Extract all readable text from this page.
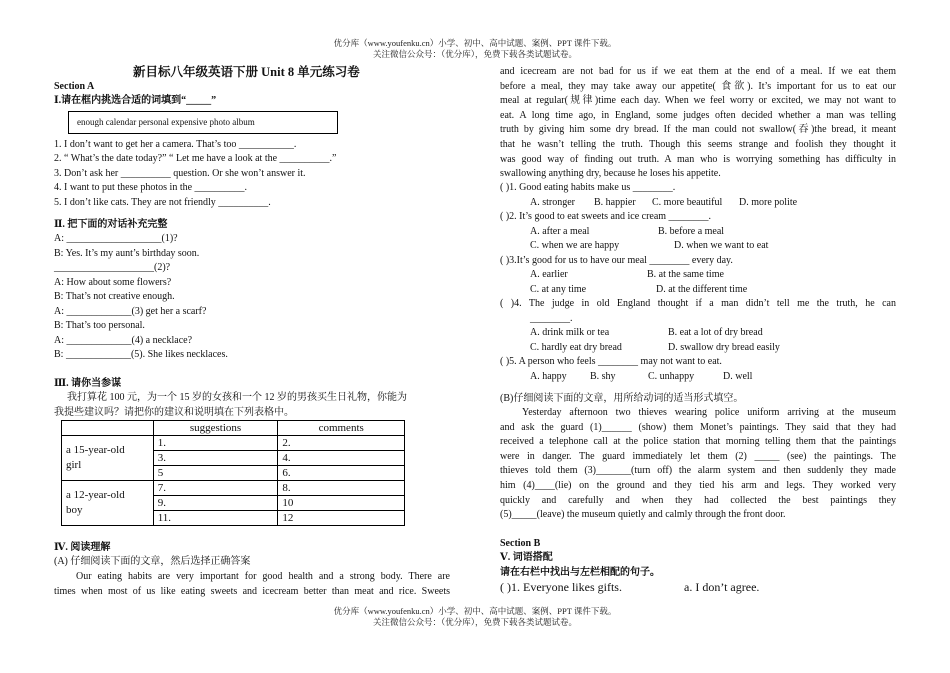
优分库（www.youfenku.cn）小学、初中、高中试题、案例、PPT 课件下载。
关注微信公众号：（优分库），免费下载各类试题试卷。
优分库（www.youfenku.cn）小学、初中、高中试题、案例、PPT 课件下载。
关注微信公众号：（优分库），免费下载各类试题试卷。
新目标八年级英语下册 Unit 8 单元练习卷
Section A
Ⅰ.请在框内挑选合适的词填到“_____”
enough calendar personal expensive photo album
1. I don’t want to get her a camera. That’s too ___________.
2. “ What’s the date today?” “ Let me have a look at the __________.”
3. Don’t ask her __________ question. Or she won’t answer it.
4. I want to put these photos in the __________.
5. I don’t like cats. They are not friendly __________.
Ⅱ. 把下面的对话补充完整
A: ___________________(1)?
B: Yes. It’s my aunt’s birthday soon.
____________________(2)?
A: How about some flowers?
B: That’s not creative enough.
A: _____________(3) get her a scarf?
B: That’s too personal.
A: _____________(4) a necklace?
B: _____________(5). She likes necklaces.
Ⅲ. 请你当参谋
我打算花 100 元，为一个 15 岁的女孩和一个 12 岁的男孩买生日礼物，你能为
我提些建议吗？请把你的建议和说明填在下列表格中。
	suggestions	comments
a 15-year-old
girl	1.	2.
	3.	4.
	5	6.
a 12-year-old
boy	7.	8.
	9.	10
	11.	12
Ⅳ. 阅读理解
(A) 仔细阅读下面的文章，然后选择正确答案
Our eating habits are very important for good health and a strong body. There are
times when most of us like eating sweets and icecream better than meat and rice. Sweets
and icecream are not bad for us if we eat them at the end of a meal. If we eat them
before a meal, they may take away our appetite( 食欲). It’s important for us to eat our
meal at regular(规律)time each day. When we feel worry or excited, we may not want to
eat. A long time ago, in England, some judges often decided whether a man was telling
truth by giving him some dry bread. If the man could not swallow(吞)the bread, it meant
that he wasn’t telling the truth. Though this seems strange and foolish they thought it
was good way of finding out truth. A man who is worrying something has difficulty in
swallowing anything dry, because he loses his appetite.
( )1. Good eating habits make us ________.
A. stronger B. happier C. more beautiful D. more polite
( )2. It’s good to eat sweets and ice cream ________.
A. after a meal	B. before a meal
C. when we are happy	D. when we want to eat
( )3.It’s good for us to have our meal ________ every day.
A. earlier	B. at the same time
C. at any time	D. at the different time
( )4. The judge in old England thought if a man didn’t tell me the truth, he can
________.
A. drink milk or tea	B. eat a lot of dry bread
C. hardly eat dry bread	D. swallow dry bread easily
( )5. A person who feels ________ may not want to eat.
A. happy B. shy	C. unhappy	D. well
(B)仔细阅读下面的文章，用所给动词的适当形式填空。
Yesterday afternoon two thieves wearing police uniform arriving at the museum
and ask the guard (1)______ (show) them Monet’s paintings. They said that they had
received a telephone call at the police station that morning telling them that the paintings
were in danger. The guard immediately let them (2) _____ (see) the paintings. The
thieves told them (3)_______(turn off) the alarm system and then suddenly they made
him (4)____(lie) on the ground and they tied his arm and legs. They worked very
quickly and carefully and when they had collected the best paintings they
(5)_____(leave) the museum quietly and calmly through the front door.
Section B
Ⅴ. 词语搭配
请在右栏中找出与左栏相配的句子。
( )1. Everyone likes gifts.	a. I don’t agree.
